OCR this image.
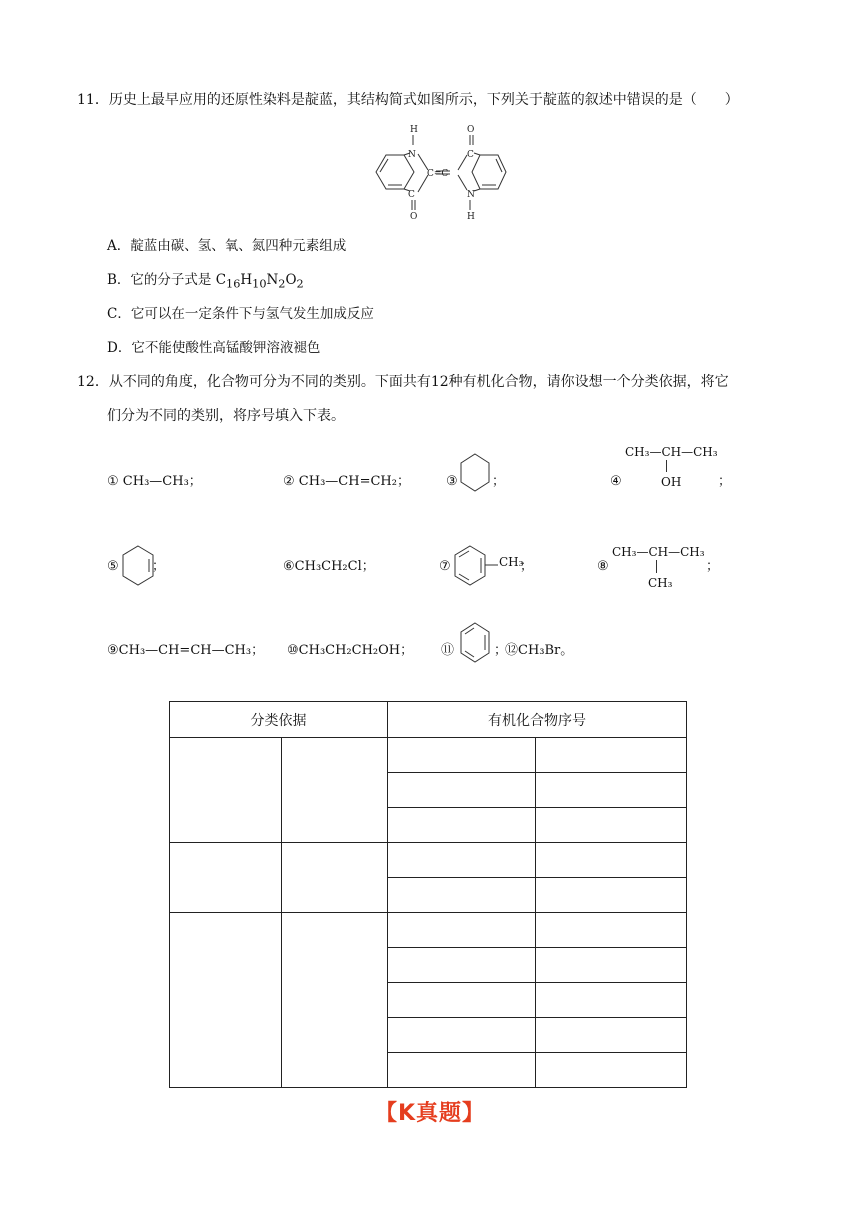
11．历史上最早应用的还原性染料是靛蓝，其结构简式如图所示，下列关于靛蓝的叙述中错误的是（　　）
H
N
O
C
C=C
C	N
H
O
A．靛蓝由碳、氢、氧、氮四种元素组成
B．它的分子式是 $C_{16}H_{10}N_2O_2$
C．它可以在一定条件下与氢气发生加成反应
D．它不能使酸性高锰酸钾溶液褪色
12．从不同的角度，化合物可分为不同的类别。下面共有12种有机化合物，请你设想一个分类依据，将它
们分为不同的类别，将序号填入下表。
① CH₃—CH₃；	② CH₃—CH=CH₂；	③	；	④
CH₃—CH—CH₃
OH	；
⑤	；	⑥CH₃CH₂Cl；	⑦	CH₃
；	⑧
CH₃—CH—CH₃
CH₃
；
⑨CH₃—CH=CH—CH₃； ⑩CH₃CH₂CH₂OH； ⑪	；
⑫CH₃Br。
分类依据		有机化合物序号	

【K真题】
